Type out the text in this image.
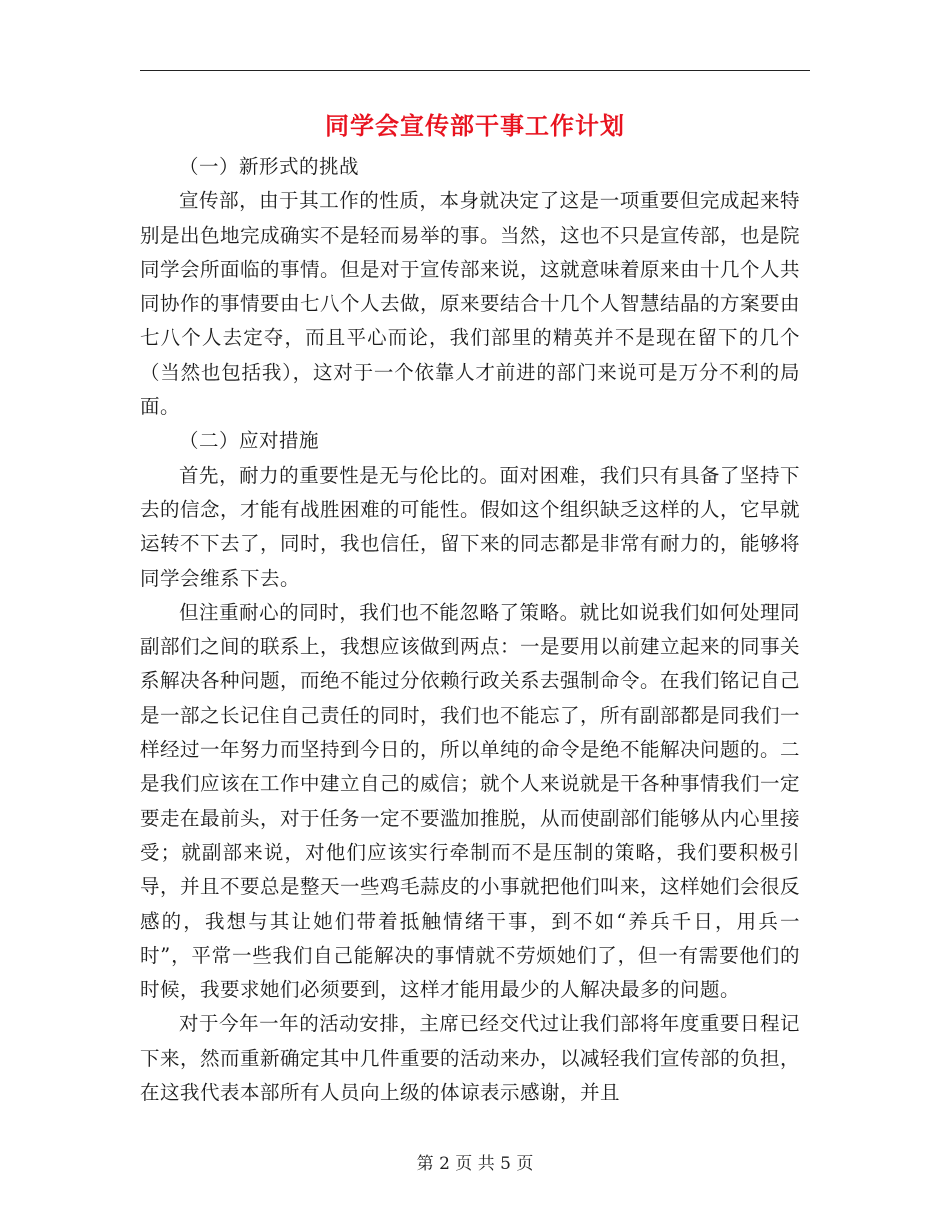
同学会宣传部干事工作计划

（一）新形式的挑战

宣传部，由于其工作的性质，本身就决定了这是一项重要但完成起来特别是出色地完成确实不是轻而易举的事。当然，这也不只是宣传部，也是院同学会所面临的事情。但是对于宣传部来说，这就意味着原来由十几个人共同协作的事情要由七八个人去做，原来要结合十几个人智慧结晶的方案要由七八个人去定夺，而且平心而论，我们部里的精英并不是现在留下的几个（当然也包括我），这对于一个依靠人才前进的部门来说可是万分不利的局面。

（二）应对措施

首先，耐力的重要性是无与伦比的。面对困难，我们只有具备了坚持下去的信念，才能有战胜困难的可能性。假如这个组织缺乏这样的人，它早就运转不下去了，同时，我也信任，留下来的同志都是非常有耐力的，能够将同学会维系下去。

但注重耐心的同时，我们也不能忽略了策略。就比如说我们如何处理同副部们之间的联系上，我想应该做到两点：一是要用以前建立起来的同事关系解决各种问题，而绝不能过分依赖行政关系去强制命令。在我们铭记自己是一部之长记住自己责任的同时，我们也不能忘了，所有副部都是同我们一样经过一年努力而坚持到今日的，所以单纯的命令是绝不能解决问题的。二是我们应该在工作中建立自己的威信；就个人来说就是干各种事情我们一定要走在最前头，对于任务一定不要滥加推脱，从而使副部们能够从内心里接受；就副部来说，对他们应该实行牵制而不是压制的策略，我们要积极引导，并且不要总是整天一些鸡毛蒜皮的小事就把他们叫来，这样她们会很反感的，我想与其让她们带着抵触情绪干事，到不如“养兵千日，用兵一时”，平常一些我们自己能解决的事情就不劳烦她们了，但一有需要他们的时候，我要求她们必须要到，这样才能用最少的人解决最多的问题。

对于今年一年的活动安排，主席已经交代过让我们部将年度重要日程记下来，然而重新确定其中几件重要的活动来办，以减轻我们宣传部的负担，在这我代表本部所有人员向上级的体谅表示感谢，并且

第 2 页 共 5 页
